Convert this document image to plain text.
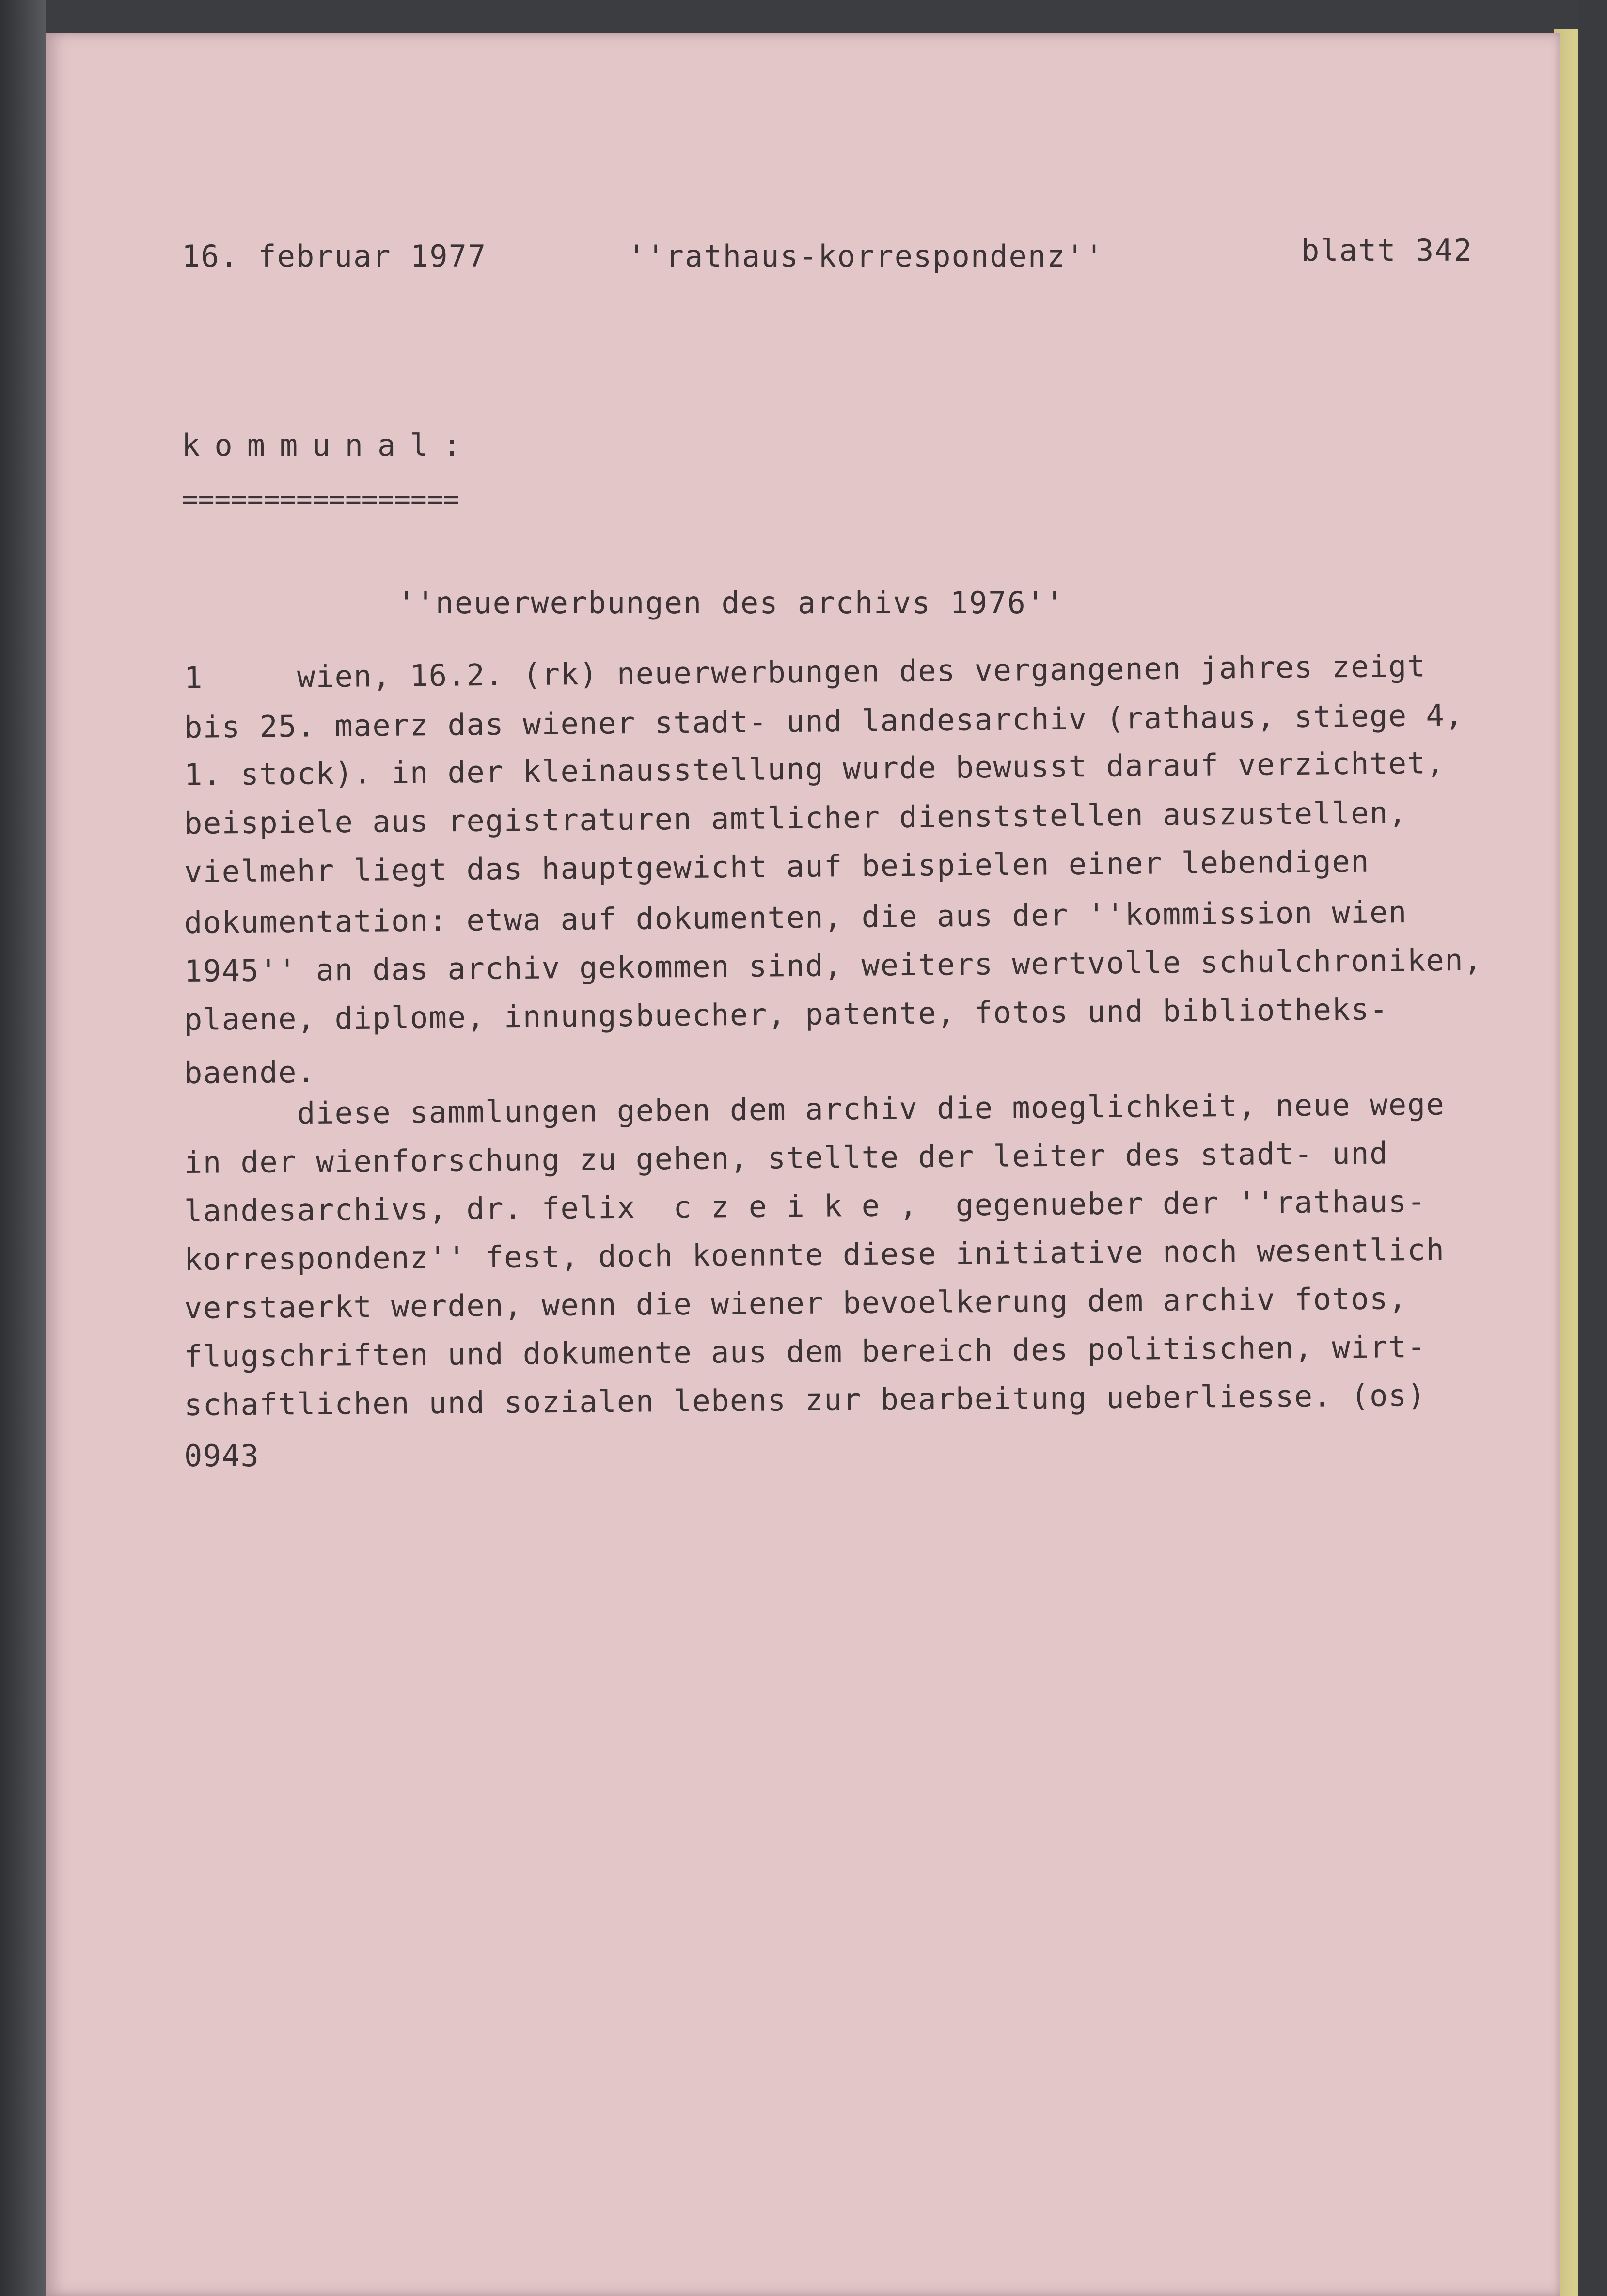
16. februar 1977	''rathaus-korrespondenz''	blatt 342
kommunal:
=================
''neuerwerbungen des archivs 1976''
1     wien, 16.2. (rk) neuerwerbungen des vergangenen jahres zeigt
bis 25. maerz das wiener stadt- und landesarchiv (rathaus, stiege 4,
1. stock). in der kleinausstellung wurde bewusst darauf verzichtet,
beispiele aus registraturen amtlicher dienststellen auszustellen,
vielmehr liegt das hauptgewicht auf beispielen einer lebendigen
dokumentation: etwa auf dokumenten, die aus der ''kommission wien
1945'' an das archiv gekommen sind, weiters wertvolle schulchroniken,
plaene, diplome, innungsbuecher, patente, fotos und bibliotheks-
baende.
diese sammlungen geben dem archiv die moeglichkeit, neue wege
in der wienforschung zu gehen, stellte der leiter des stadt- und
landesarchivs, dr. felix  c z e i k e ,  gegenueber der ''rathaus-
korrespondenz'' fest, doch koennte diese initiative noch wesentlich
verstaerkt werden, wenn die wiener bevoelkerung dem archiv fotos,
flugschriften und dokumente aus dem bereich des politischen, wirt-
schaftlichen und sozialen lebens zur bearbeitung ueberliesse. (os)
0943
